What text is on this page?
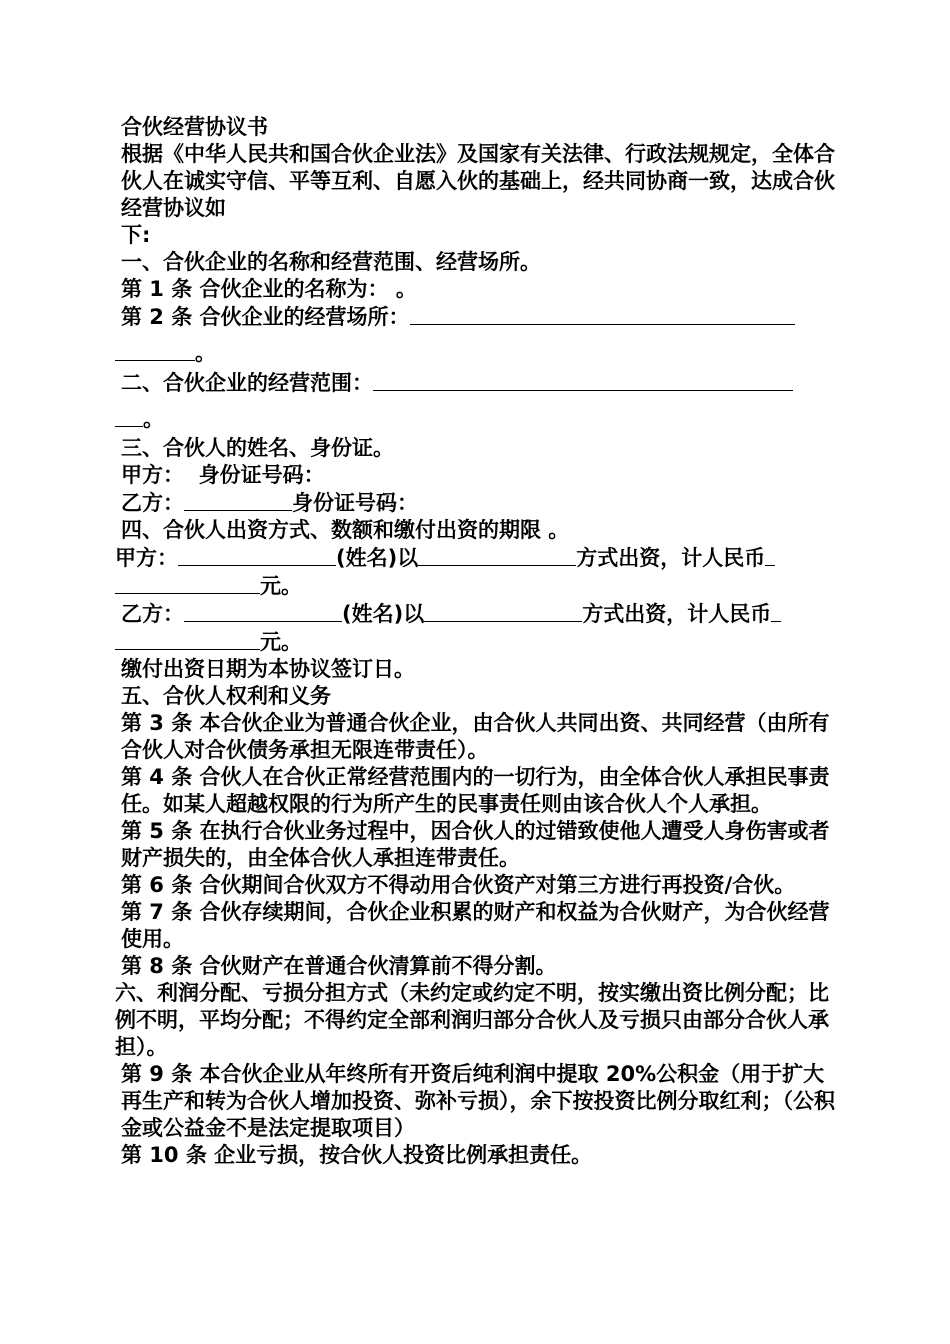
合伙经营协议书

根据《中华人民共和国合伙企业法》及国家有关法律、行政法规规定，全体合伙人在诚实守信、平等互利、自愿入伙的基础上，经共同协商一致，达成合伙经营协议如

下:

一、合伙企业的名称和经营范围、经营场所。

第 1 条 合伙企业的名称为： 。

第 2 条 合伙企业的经营场所：

。

二、合伙企业的经营范围：

。

三、合伙人的姓名、身份证。

甲方：  身份证号码：

乙方：	身份证号码：

四、合伙人出资方式、数额和缴付出资的期限 。

甲方：	(姓名)以	方式出资，计人民币

元。

乙方：	(姓名)以	方式出资，计人民币

元。

缴付出资日期为本协议签订日。

五、合伙人权利和义务

第 3 条 本合伙企业为普通合伙企业，由合伙人共同出资、共同经营（由所有合伙人对合伙债务承担无限连带责任）。

第 4 条 合伙人在合伙正常经营范围内的一切行为，由全体合伙人承担民事责任。如某人超越权限的行为所产生的民事责任则由该合伙人个人承担。

第 5 条 在执行合伙业务过程中，因合伙人的过错致使他人遭受人身伤害或者财产损失的，由全体合伙人承担连带责任。

第 6 条 合伙期间合伙双方不得动用合伙资产对第三方进行再投资/合伙。

第 7 条 合伙存续期间，合伙企业积累的财产和权益为合伙财产，为合伙经营使用。

第 8 条 合伙财产在普通合伙清算前不得分割。

六、利润分配、亏损分担方式（未约定或约定不明，按实缴出资比例分配；比例不明，平均分配；不得约定全部利润归部分合伙人及亏损只由部分合伙人承担）。

第 9 条 本合伙企业从年终所有开资后纯利润中提取 20%公积金（用于扩大再生产和转为合伙人增加投资、弥补亏损），余下按投资比例分取红利；（公积金或公益金不是法定提取项目）

第 10 条 企业亏损，按合伙人投资比例承担责任。
